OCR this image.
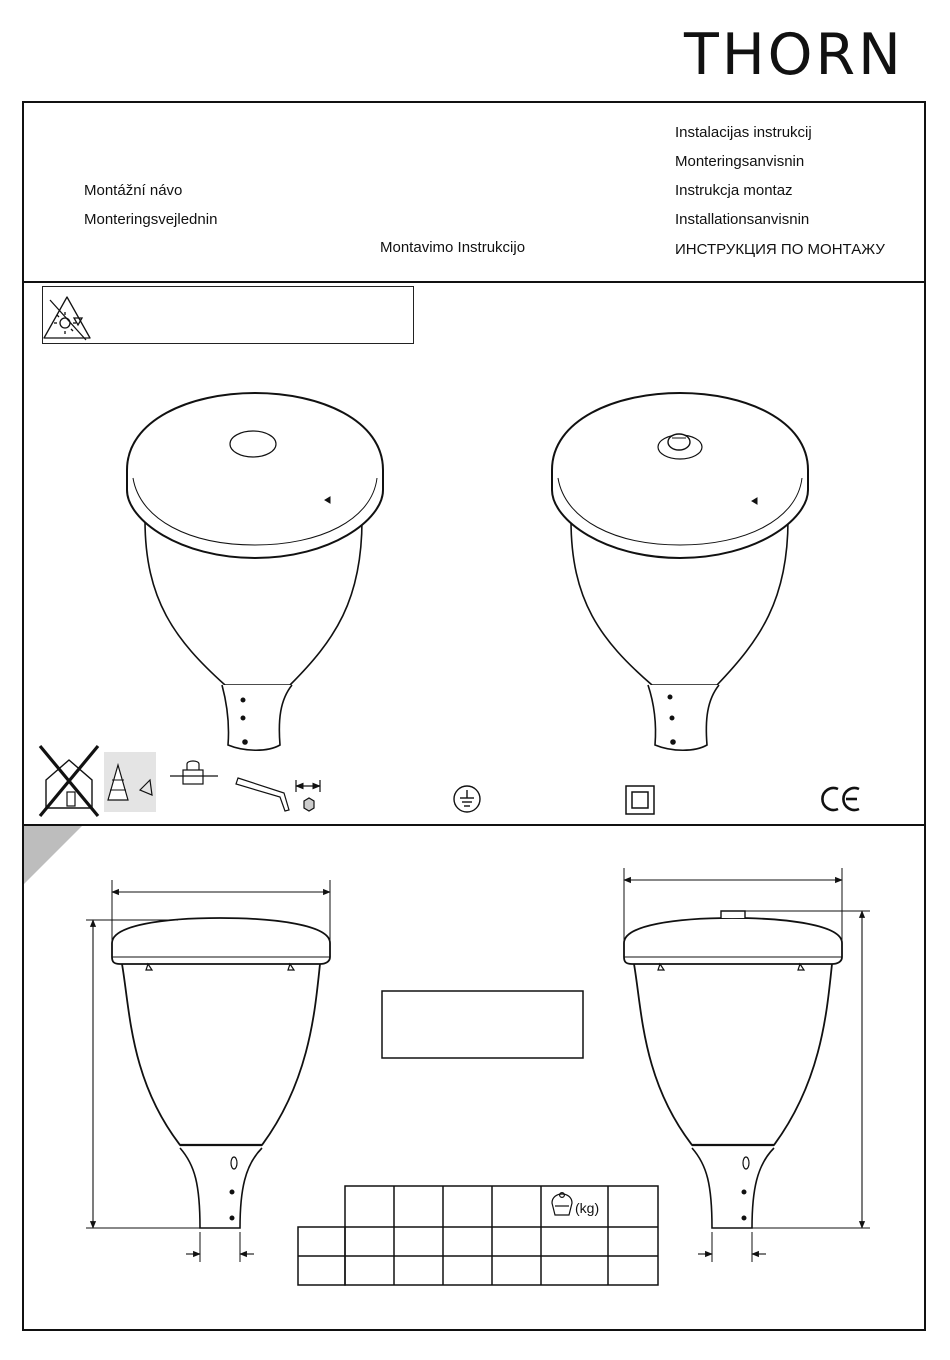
THORN
Montážní návo
Monteringsvejlednin
Montavimo Instrukcijo
Instalacijas instrukcij
Monteringsanvisnin
Instrukcja montaz
Installationsanvisnin
ИНСТРУКЦИЯ ПО МОНТАЖУ
(kg)
